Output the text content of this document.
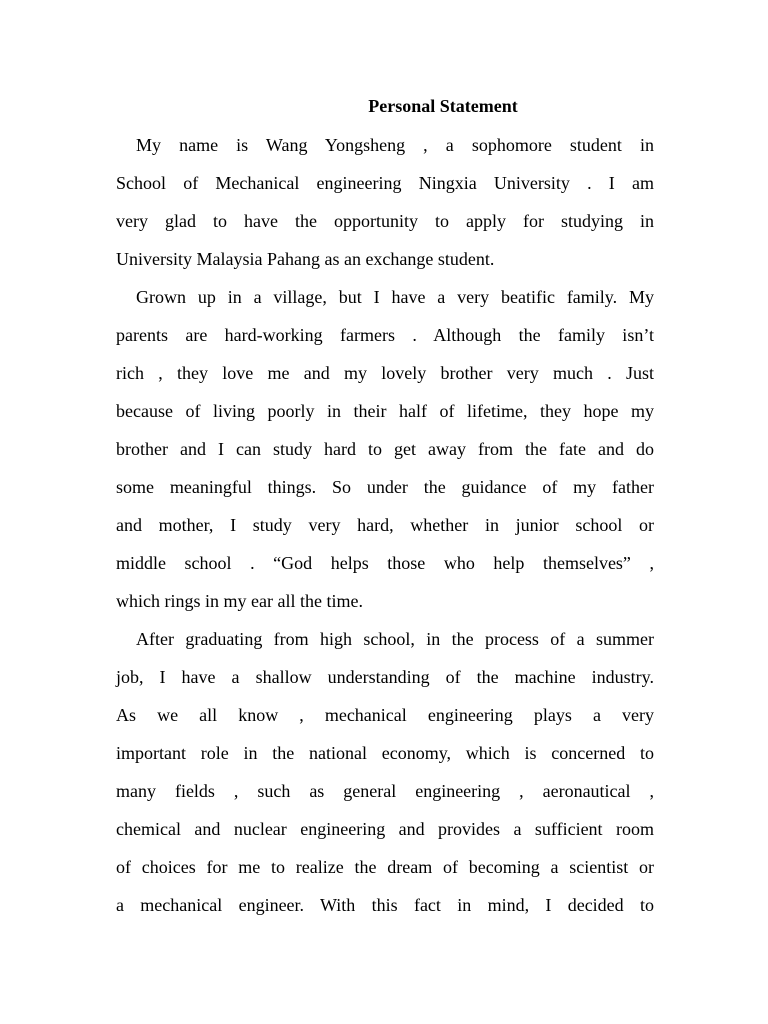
Personal Statement

My name is Wang Yongsheng , a sophomore student in
School of Mechanical engineering Ningxia University . I am
very glad to have the opportunity to apply for studying in
University Malaysia Pahang as an exchange student.

Grown up in a village, but I have a very beatific family. My
parents are hard-working farmers . Although the family isn’t
rich , they love me and my lovely brother very much . Just
because of living poorly in their half of lifetime, they hope my
brother and I can study hard to get away from the fate and do
some meaningful things. So under the guidance of my father
and mother, I study very hard, whether in junior school or
middle school . “God helps those who help themselves” ,
which rings in my ear all the time.

After graduating from high school, in the process of a summer
job, I have a shallow understanding of the machine industry.
As we all know , mechanical engineering plays a very
important role in the national economy, which is concerned to
many fields , such as general engineering , aeronautical ,
chemical and nuclear engineering and provides a sufficient room
of choices for me to realize the dream of becoming a scientist or
a mechanical engineer. With this fact in mind, I decided to
